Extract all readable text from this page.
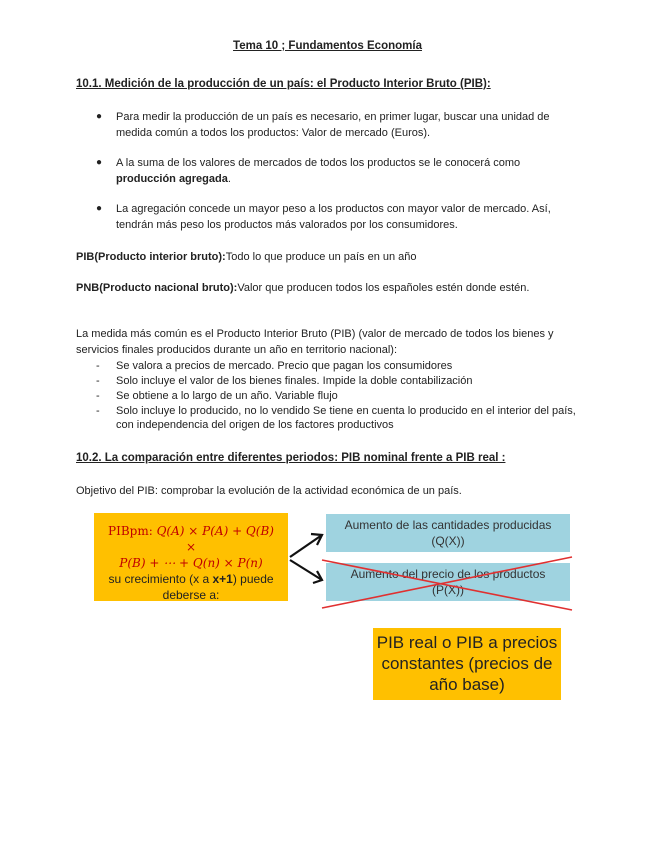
Tema 10 ; Fundamentos Economía
10.1. Medición de la producción de un país: el Producto Interior Bruto (PIB):
● Para medir la producción de un país es necesario, en primer lugar, buscar una unidad de medida común a todos los productos: Valor de mercado (Euros).
● A la suma de los valores de mercados de todos los productos se le conocerá como producción agregada.
● La agregación concede un mayor peso a los productos con mayor valor de mercado. Así, tendrán más peso los productos más valorados por los consumidores.
PIB(Producto interior bruto):Todo lo que produce un país en un año
PNB(Producto nacional bruto):Valor que producen todos los españoles estén donde estén.
La medida más común es el Producto Interior Bruto (PIB) (valor de mercado de todos los bienes y servicios finales producidos durante un año en territorio nacional):
- Se valora a precios de mercado. Precio que pagan los consumidores
- Solo incluye el valor de los bienes finales. Impide la doble contabilización
- Se obtiene a lo largo de un año. Variable flujo
- Solo incluye lo producido, no lo vendido Se tiene en cuenta lo producido en el interior del país, con independencia del origen de los factores productivos
10.2. La comparación entre diferentes periodos: PIB nominal frente a PIB real :
Objetivo del PIB: comprobar la evolución de la actividad económica de un país.
PIBpm: Q(A) × P(A) + Q(B) ×
P(B) + ⋯ + Q(n) × P(n)
su crecimiento (x a x+1) puede deberse a:
Aumento de las cantidades producidas
(Q(X))
Aumento del precio de los productos
(P(X))
PIB real o PIB a precios constantes (precios de año base)
